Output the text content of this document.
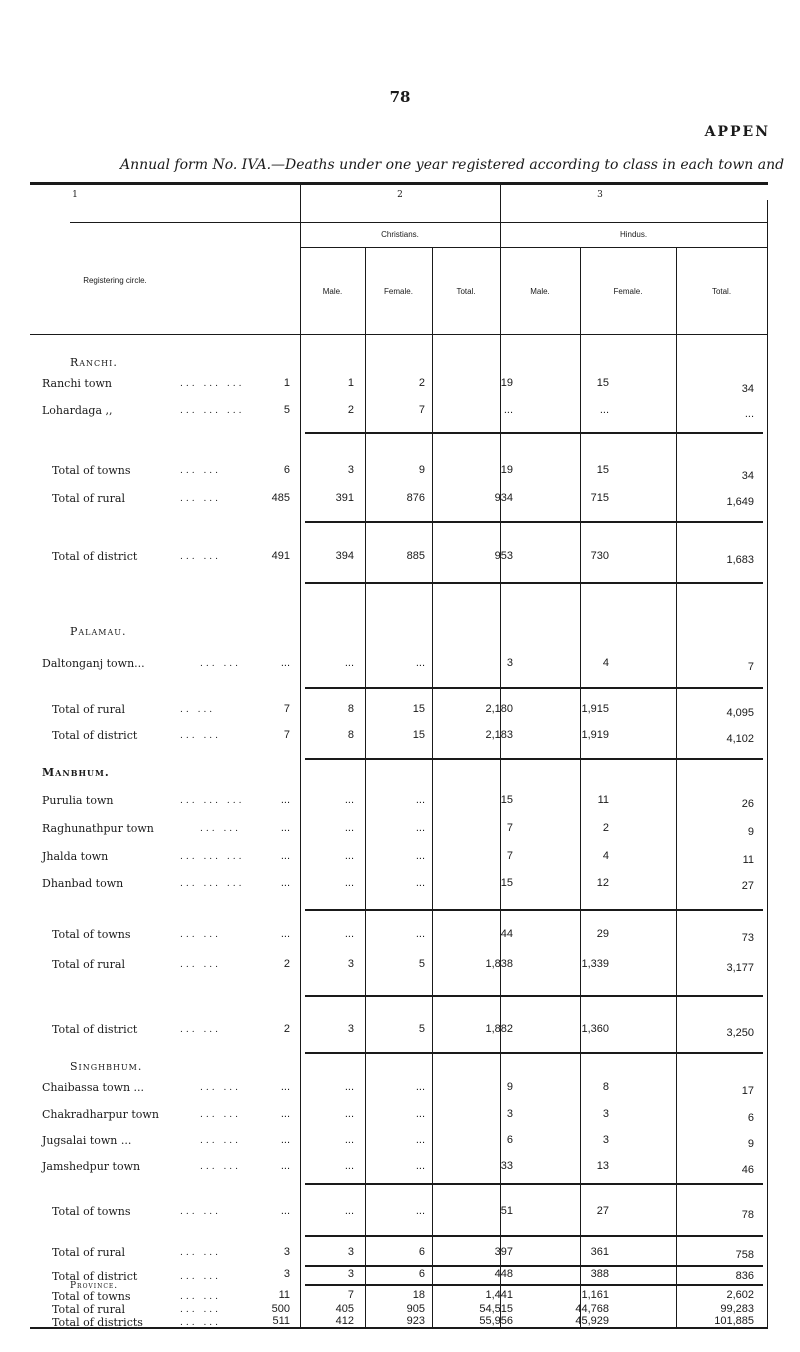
78
APPEN
Annual form No. IVA.—Deaths under one year registered according to class in each town and
1	2	3
Registering circle.
Christians.	Hindus.
Male.	Female.	Total.	Male.	Female.	Total.
Ranchi.
Ranchi town	... ... ...	1	1	2	19	15	34
Lohardaga ,,	... ... ...	5	2	7	...	...	...
Total of towns	... ...	6	3	9	19	15	34
Total of rural	... ...	485	391	876	934	715	1,649
Total of district	... ...	491	394	885	953	730	1,683
Palamau.
Daltonganj town...	... ...	...	...	...	3	4	7
Total of rural	.. ...	7	8	15	2,180	1,915	4,095
Total of district	... ...	7	8	15	2,183	1,919	4,102
Manbhum.
Purulia town	... ... ...	...	...	...	15	11	26
Raghunathpur town	... ...	...	...	...	7	2	9
Jhalda town	... ... ...	...	...	...	7	4	11
Dhanbad town	... ... ...	...	...	...	15	12	27
Total of towns	... ...	...	...	...	44	29	73
Total of rural	... ...	2	3	5	1,838	1,339	3,177
Total of district	... ...	2	3	5	1,882	1,360	3,250
Singhbhum.
Chaibassa town ...	... ...	...	...	...	9	8	17
Chakradharpur town	... ...	...	...	...	3	3	6
Jugsalai town ...	... ...	...	...	...	6	3	9
Jamshedpur town	... ...	...	...	...	33	13	46
Total of towns	... ...	...	...	...	51	27	78
Total of rural	... ...	3	3	6	397	361	758
Total of district	... ...	3	3	6	448	388	836
Province.
Total of towns	... ...	11	7	18	1,441	1,161	2,602
Total of rural	... ...	500	405	905	54,515	44,768	99,283
Total of districts	... ...	511	412	923	55,956	45,929	101,885
